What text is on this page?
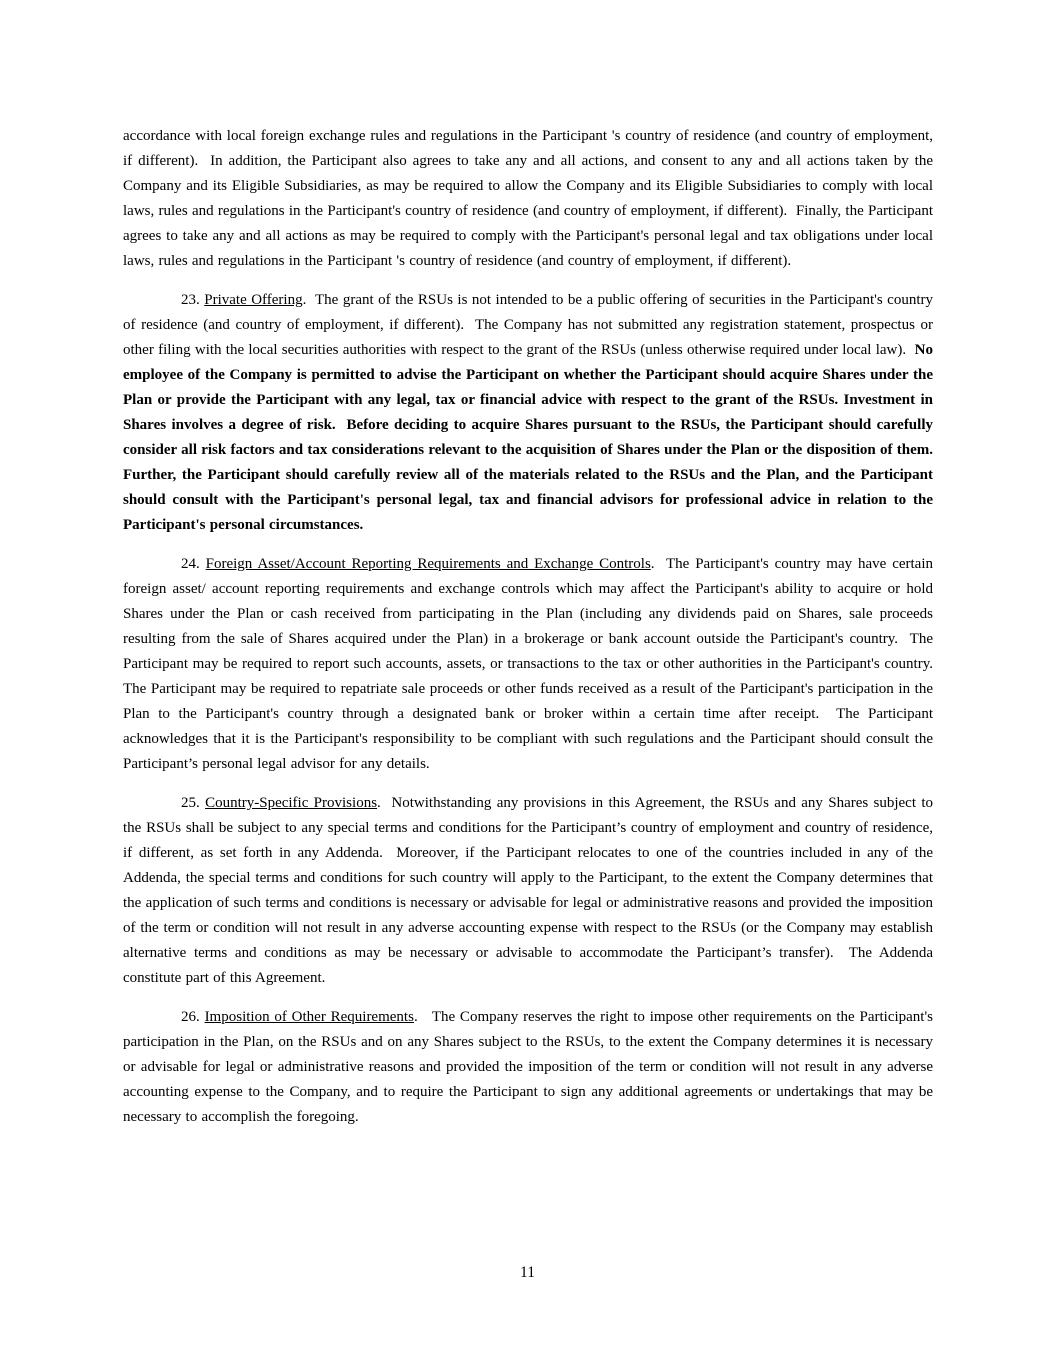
accordance with local foreign exchange rules and regulations in the Participant 's country of residence (and country of employment, if different).  In addition, the Participant also agrees to take any and all actions, and consent to any and all actions taken by the Company and its Eligible Subsidiaries, as may be required to allow the Company and its Eligible Subsidiaries to comply with local laws, rules and regulations in the Participant's country of residence (and country of employment, if different).  Finally, the Participant agrees to take any and all actions as may be required to comply with the Participant's personal legal and tax obligations under local laws, rules and regulations in the Participant 's country of residence (and country of employment, if different).

23. Private Offering.  The grant of the RSUs is not intended to be a public offering of securities in the Participant's country of residence (and country of employment, if different).  The Company has not submitted any registration statement, prospectus or other filing with the local securities authorities with respect to the grant of the RSUs (unless otherwise required under local law).  No employee of the Company is permitted to advise the Participant on whether the Participant should acquire Shares under the Plan or provide the Participant with any legal, tax or financial advice with respect to the grant of the RSUs. Investment in Shares involves a degree of risk.  Before deciding to acquire Shares pursuant to the RSUs, the Participant should carefully consider all risk factors and tax considerations relevant to the acquisition of Shares under the Plan or the disposition of them.  Further, the Participant should carefully review all of the materials related to the RSUs and the Plan, and the Participant should consult with the Participant's personal legal, tax and financial advisors for professional advice in relation to the Participant's personal circumstances.

24. Foreign Asset/Account Reporting Requirements and Exchange Controls.  The Participant's country may have certain foreign asset/ account reporting requirements and exchange controls which may affect the Participant's ability to acquire or hold Shares under the Plan or cash received from participating in the Plan (including any dividends paid on Shares, sale proceeds resulting from the sale of Shares acquired under the Plan) in a brokerage or bank account outside the Participant's country.  The Participant may be required to report such accounts, assets, or transactions to the tax or other authorities in the Participant's country.  The Participant may be required to repatriate sale proceeds or other funds received as a result of the Participant's participation in the Plan to the Participant's country through a designated bank or broker within a certain time after receipt.  The Participant acknowledges that it is the Participant's responsibility to be compliant with such regulations and the Participant should consult the Participant’s personal legal advisor for any details.

25. Country-Specific Provisions.  Notwithstanding any provisions in this Agreement, the RSUs and any Shares subject to the RSUs shall be subject to any special terms and conditions for the Participant’s country of employment and country of residence, if different, as set forth in any Addenda.  Moreover, if the Participant relocates to one of the countries included in any of the Addenda, the special terms and conditions for such country will apply to the Participant, to the extent the Company determines that the application of such terms and conditions is necessary or advisable for legal or administrative reasons and provided the imposition of the term or condition will not result in any adverse accounting expense with respect to the RSUs (or the Company may establish alternative terms and conditions as may be necessary or advisable to accommodate the Participant’s transfer).  The Addenda constitute part of this Agreement.

26. Imposition of Other Requirements.   The Company reserves the right to impose other requirements on the Participant's participation in the Plan, on the RSUs and on any Shares subject to the RSUs, to the extent the Company determines it is necessary or advisable for legal or administrative reasons and provided the imposition of the term or condition will not result in any adverse accounting expense to the Company, and to require the Participant to sign any additional agreements or undertakings that may be necessary to accomplish the foregoing.

11
